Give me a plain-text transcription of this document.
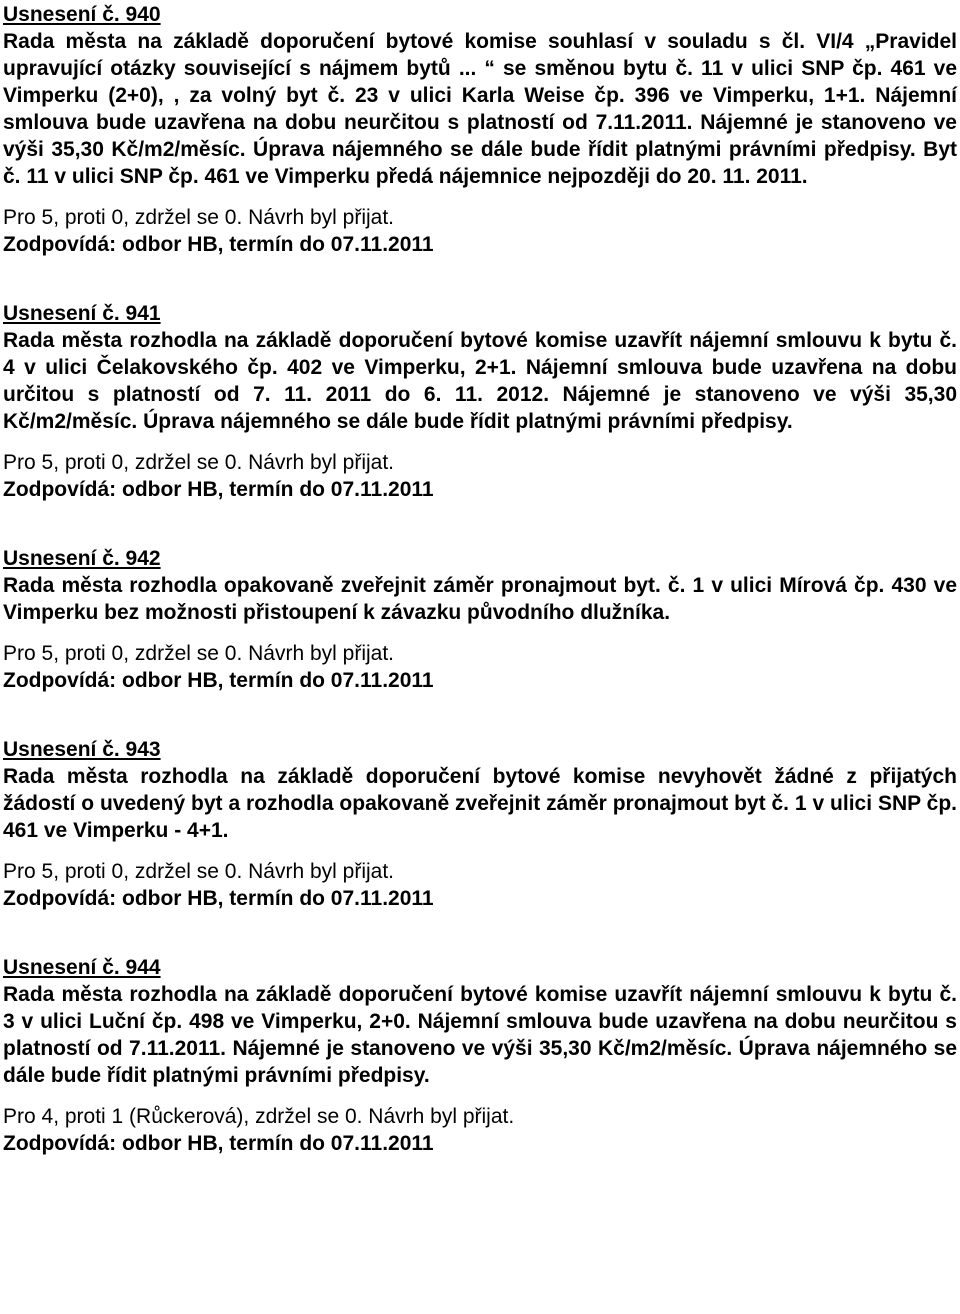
Usnesení č. 940

Rada města na základě doporučení bytové komise souhlasí v souladu s čl. VI/4 „Pravidel upravující otázky související s nájmem bytů ... “ se směnou bytu č. 11 v ulici SNP čp. 461 ve Vimperku (2+0), , za volný byt č. 23 v ulici Karla Weise čp. 396 ve Vimperku, 1+1. Nájemní smlouva bude uzavřena na dobu neurčitou s platností od 7.11.2011. Nájemné je stanoveno ve výši 35,30 Kč/m2/měsíc. Úprava nájemného se dále bude řídit platnými právními předpisy. Byt č. 11 v ulici SNP čp. 461 ve Vimperku předá nájemnice nejpozději do 20. 11. 2011.

Pro 5, proti 0, zdržel se 0. Návrh byl přijat.

Zodpovídá: odbor HB, termín do 07.11.2011

Usnesení č. 941

Rada města rozhodla na základě doporučení bytové komise uzavřít nájemní smlouvu k bytu č. 4 v ulici Čelakovského čp. 402 ve Vimperku, 2+1. Nájemní smlouva bude uzavřena na dobu určitou s platností od 7. 11. 2011 do 6. 11. 2012. Nájemné je stanoveno ve výši 35,30 Kč/m2/měsíc. Úprava nájemného se dále bude řídit platnými právními předpisy.

Pro 5, proti 0, zdržel se 0. Návrh byl přijat.

Zodpovídá: odbor HB, termín do 07.11.2011

Usnesení č. 942

Rada města rozhodla opakovaně zveřejnit záměr pronajmout byt. č. 1 v ulici Mírová čp. 430 ve Vimperku bez možnosti přistoupení k závazku původního dlužníka.

Pro 5, proti 0, zdržel se 0. Návrh byl přijat.

Zodpovídá: odbor HB, termín do 07.11.2011

Usnesení č. 943

Rada města rozhodla na základě doporučení bytové komise nevyhovět žádné z přijatých žádostí o uvedený byt a rozhodla opakovaně zveřejnit záměr pronajmout byt č. 1 v ulici SNP čp. 461 ve Vimperku - 4+1.

Pro 5, proti 0, zdržel se 0. Návrh byl přijat.

Zodpovídá: odbor HB, termín do 07.11.2011

Usnesení č. 944

Rada města rozhodla na základě doporučení bytové komise uzavřít nájemní smlouvu k bytu č. 3 v ulici Luční čp. 498 ve Vimperku, 2+0. Nájemní smlouva bude uzavřena na dobu neurčitou s platností od 7.11.2011. Nájemné je stanoveno ve výši 35,30 Kč/m2/měsíc. Úprava nájemného se dále bude řídit platnými právními předpisy.

Pro 4, proti 1 (Růckerová), zdržel se 0. Návrh byl přijat.

Zodpovídá: odbor HB, termín do 07.11.2011
